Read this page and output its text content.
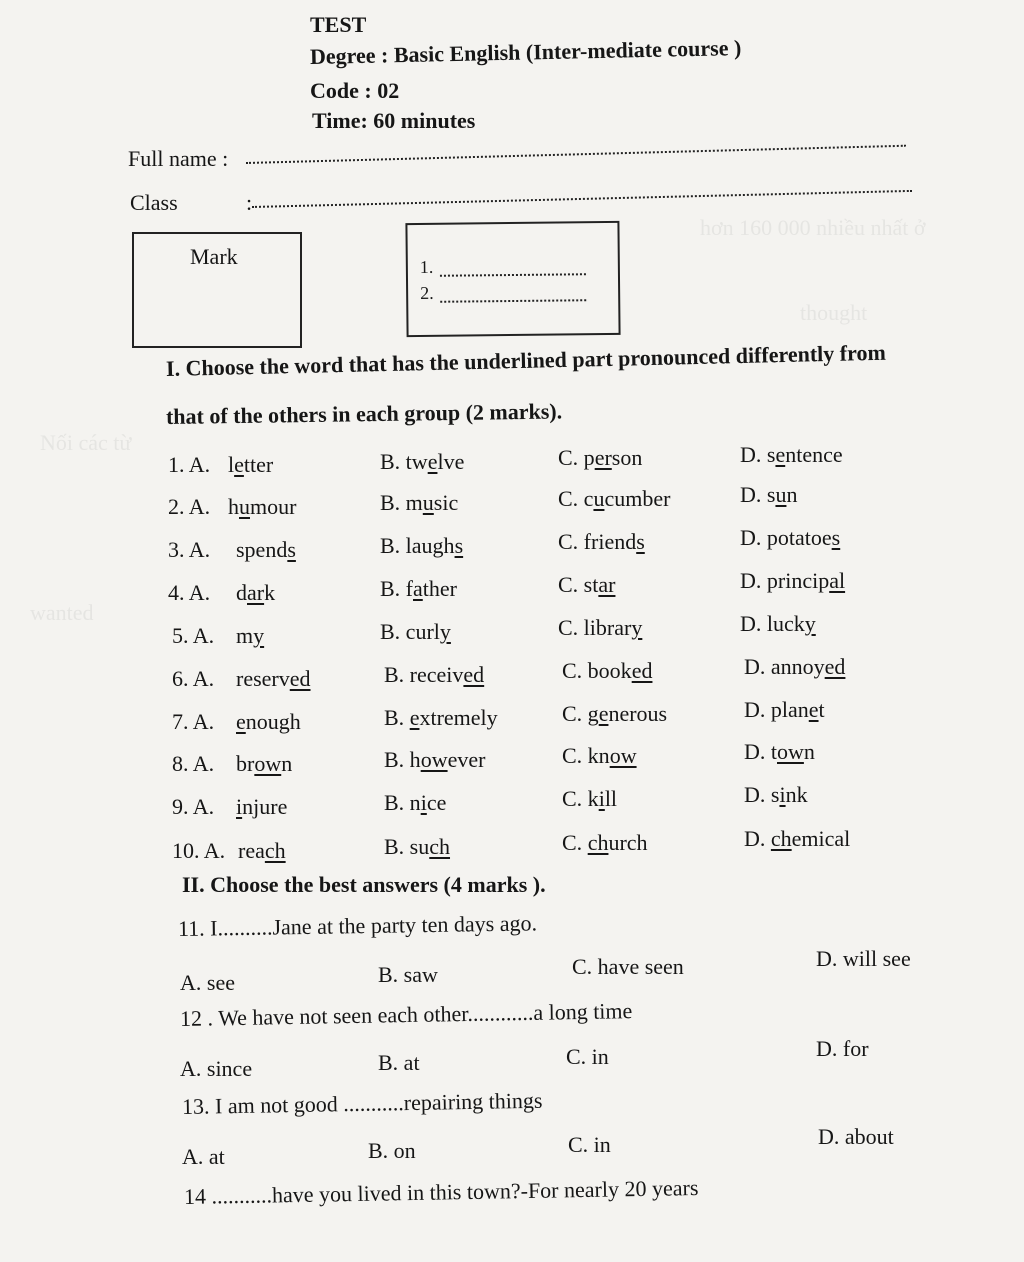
hơn 160 000 nhiều nhất ở
Nối các từ
thought
wanted
TEST
Degree : Basic English (Inter-mediate course )
Code : 02
Time: 60 minutes
Full name :
Class	:
Mark	1.
2.
I. Choose the word that has the underlined part pronounced differently from
that of the others in each group (2 marks).
1. A. letter	B. twelve	C. person	D. sentence
2. A. humour	B. music	C. cucumber	D. sun
3. A. spends	B. laughs	C. friends	D. potatoes
4. A. dark	B. father	C. star	D. principal
5. A. my	B. curly	C. library	D. lucky
6. A. reserved	B. received	C. booked	D. annoyed
7. A. enough	B. extremely	C. generous	D. planet
8. A. brown	B. however	C. know	D. town
9. A. injure	B. nice	C. kill	D. sink
10. A. reach	B. such	C. church	D. chemical
II. Choose the best answers (4 marks ).
11. I..........Jane at the party ten days ago.
A. see	B. saw	C. have seen	D. will see
12 . We have not seen each other............a long time
A. since	B. at	C. in	D. for
13. I am not good ...........repairing things
A. at	B. on	C. in	D. about
14 ...........have you lived in this town?-For nearly 20 years
